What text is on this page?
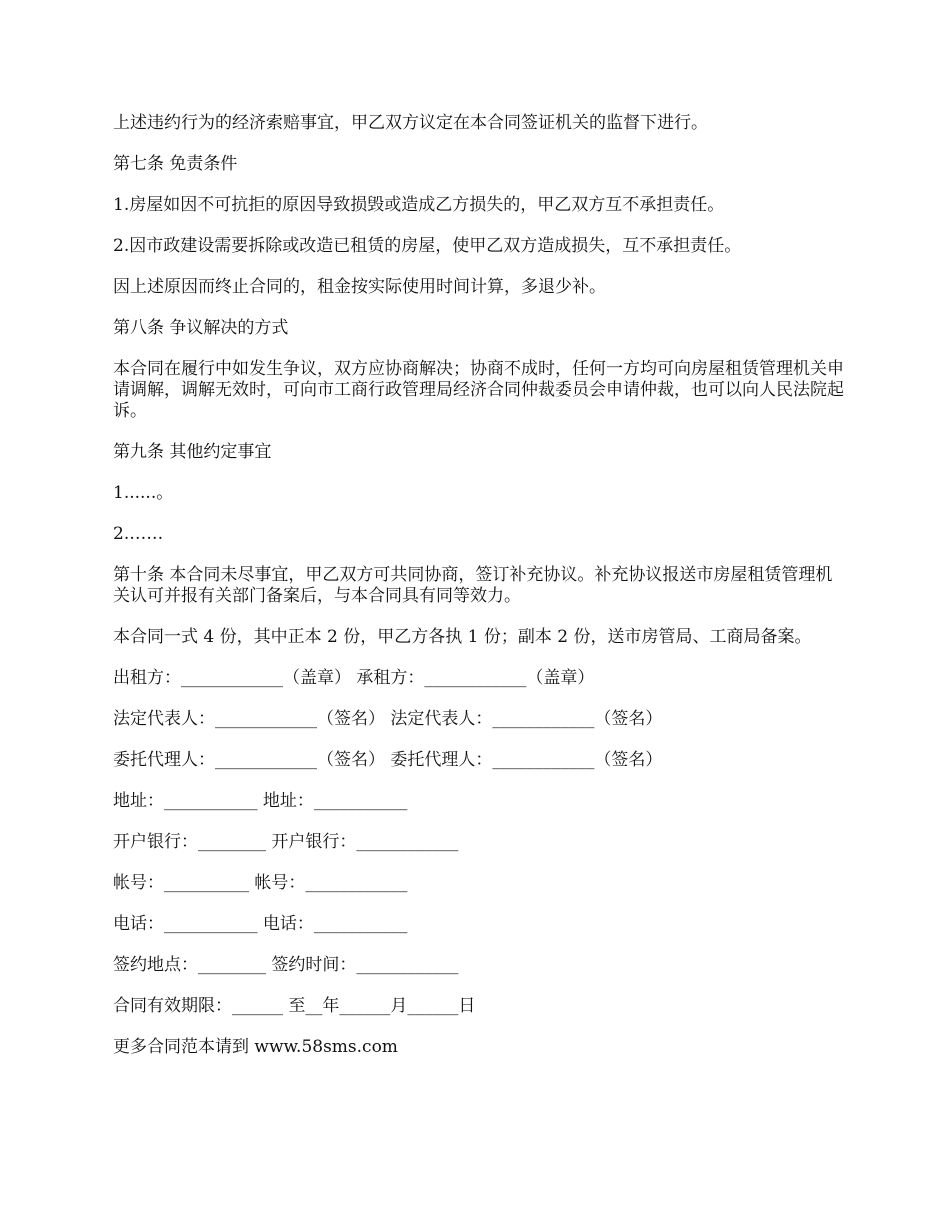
上述违约行为的经济索赔事宜，甲乙双方议定在本合同签证机关的监督下进行。

第七条 免责条件

1.房屋如因不可抗拒的原因导致损毁或造成乙方损失的，甲乙双方互不承担责任。

2.因市政建设需要拆除或改造已租赁的房屋，使甲乙双方造成损失，互不承担责任。

因上述原因而终止合同的，租金按实际使用时间计算，多退少补。

第八条 争议解决的方式

本合同在履行中如发生争议，双方应协商解决；协商不成时，任何一方均可向房屋租赁管理机关申请调解，调解无效时，可向市工商行政管理局经济合同仲裁委员会申请仲裁，也可以向人民法院起诉。

第九条 其他约定事宜

1......。

2.……

第十条 本合同未尽事宜，甲乙双方可共同协商，签订补充协议。补充协议报送市房屋租赁管理机关认可并报有关部门备案后，与本合同具有同等效力。

本合同一式 4 份，其中正本 2 份，甲乙方各执 1 份；副本 2 份，送市房管局、工商局备案。

出租方：____________（盖章） 承租方：____________（盖章）

法定代表人：____________（签名） 法定代表人：____________（签名）

委托代理人：____________（签名） 委托代理人：____________（签名）

地址：___________ 地址：___________

开户银行：________ 开户银行：____________

帐号：__________ 帐号：____________

电话：___________ 电话：___________

签约地点：________ 签约时间：____________

合同有效期限：______ 至__年______月______日

更多合同范本请到 www.58sms.com
